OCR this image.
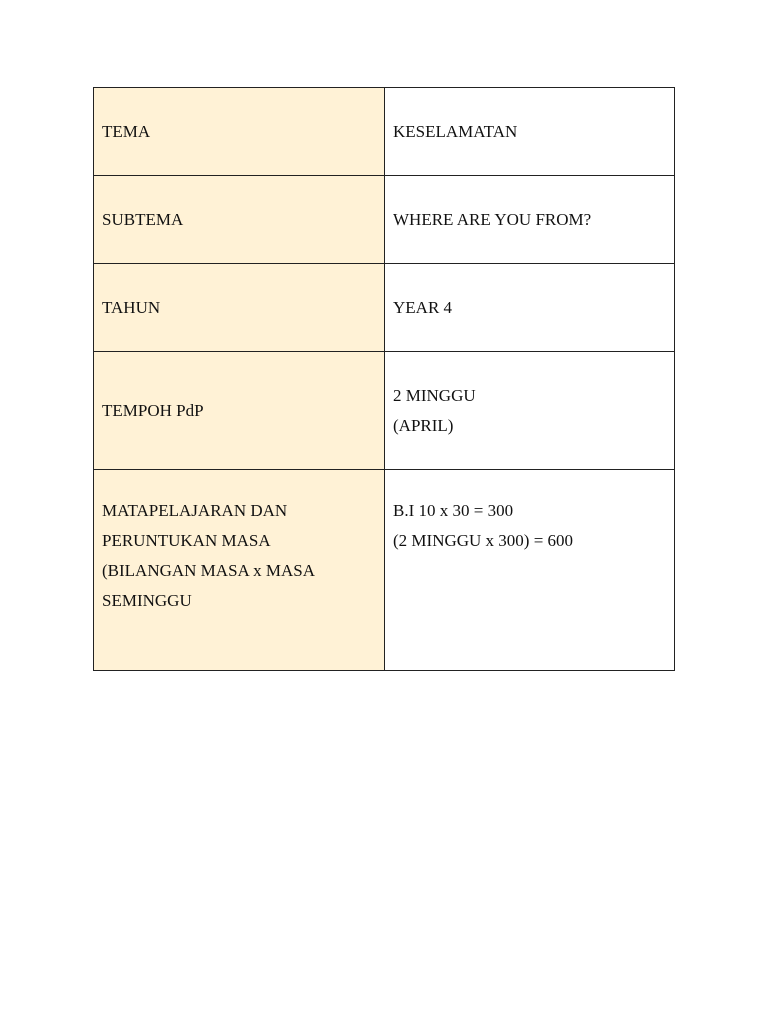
TEMA	KESELAMATAN

SUBTEMA	WHERE ARE YOU FROM?

TAHUN	YEAR 4

TEMPOH PdP	2 MINGGU
(APRIL)

MATAPELAJARAN DAN
PERUNTUKAN MASA
(BILANGAN MASA x MASA
SEMINGGU	B.I 10 x 30 = 300
(2 MINGGU x 300) = 600
